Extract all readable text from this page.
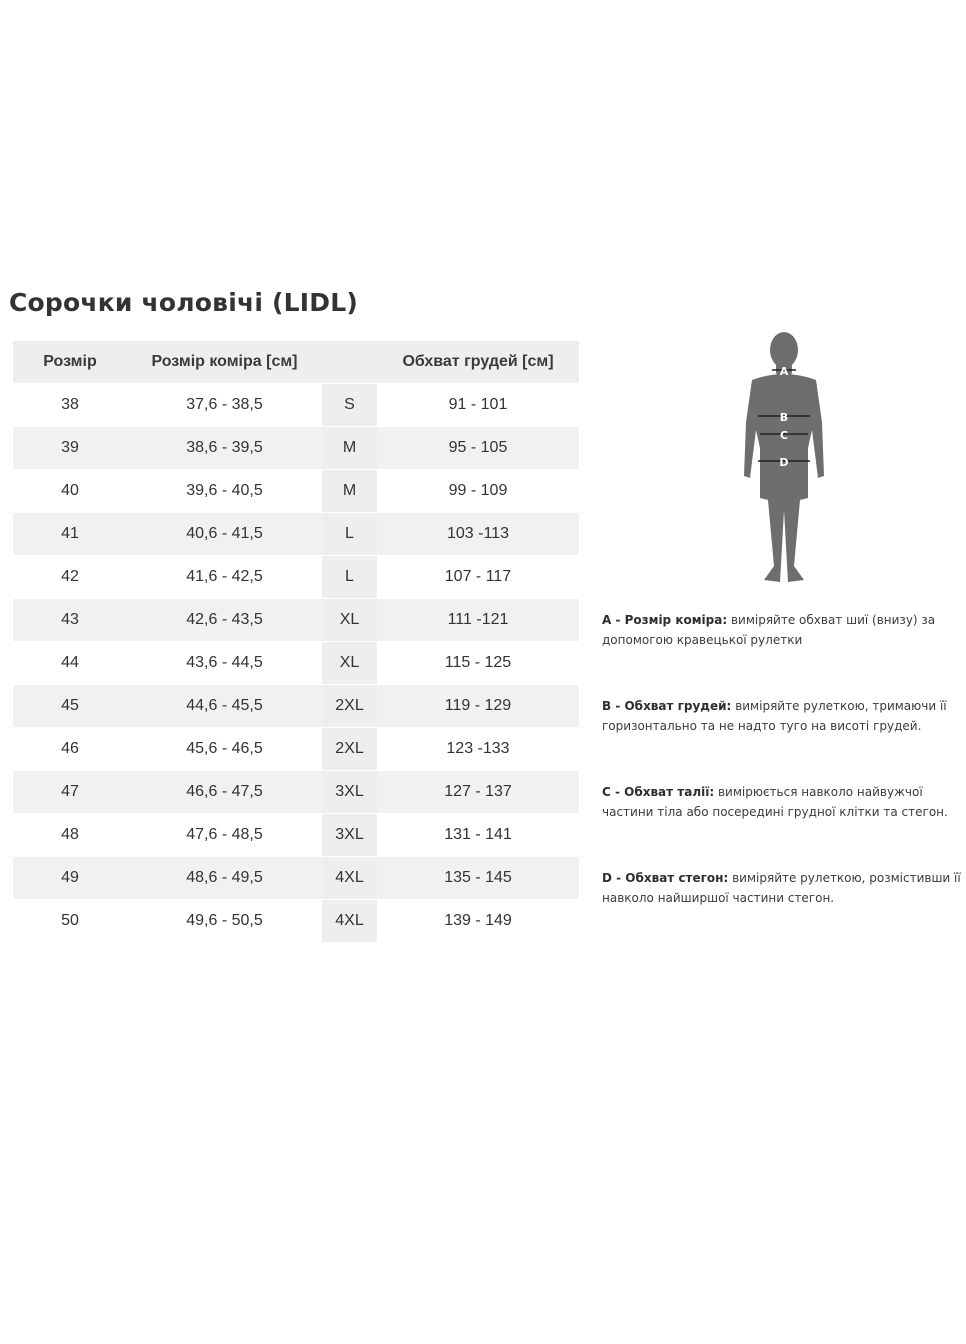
Сорочки чоловічі (LIDL)
Розмір	Розмір коміра [см]		Обхват грудей [см]
38	37,6 - 38,5	S	91 - 101
39	38,6 - 39,5	M	95 - 105
40	39,6 - 40,5	M	99 - 109
41	40,6 - 41,5	L	103 -113
42	41,6 - 42,5	L	107 - 117
43	42,6 - 43,5	XL	111 -121
44	43,6 - 44,5	XL	115 - 125
45	44,6 - 45,5	2XL	119 - 129
46	45,6 - 46,5	2XL	123 -133
47	46,6 - 47,5	3XL	127 - 137
48	47,6 - 48,5	3XL	131 - 141
49	48,6 - 49,5	4XL	135 - 145
50	49,6 - 50,5	4XL	139 - 149
A
B
C
D

A - Розмір коміра: виміряйте обхват шиї (внизу) за допомогою кравецької рулетки

B - Обхват грудей: виміряйте рулеткою, тримаючи її горизонтально та не надто туго на висоті грудей.

C - Обхват талії: вимірюється навколо найвужчої частини тіла або посередині грудної клітки та стегон.

D - Обхват стегон: виміряйте рулеткою, розмістивши її навколо найширшої частини стегон.
